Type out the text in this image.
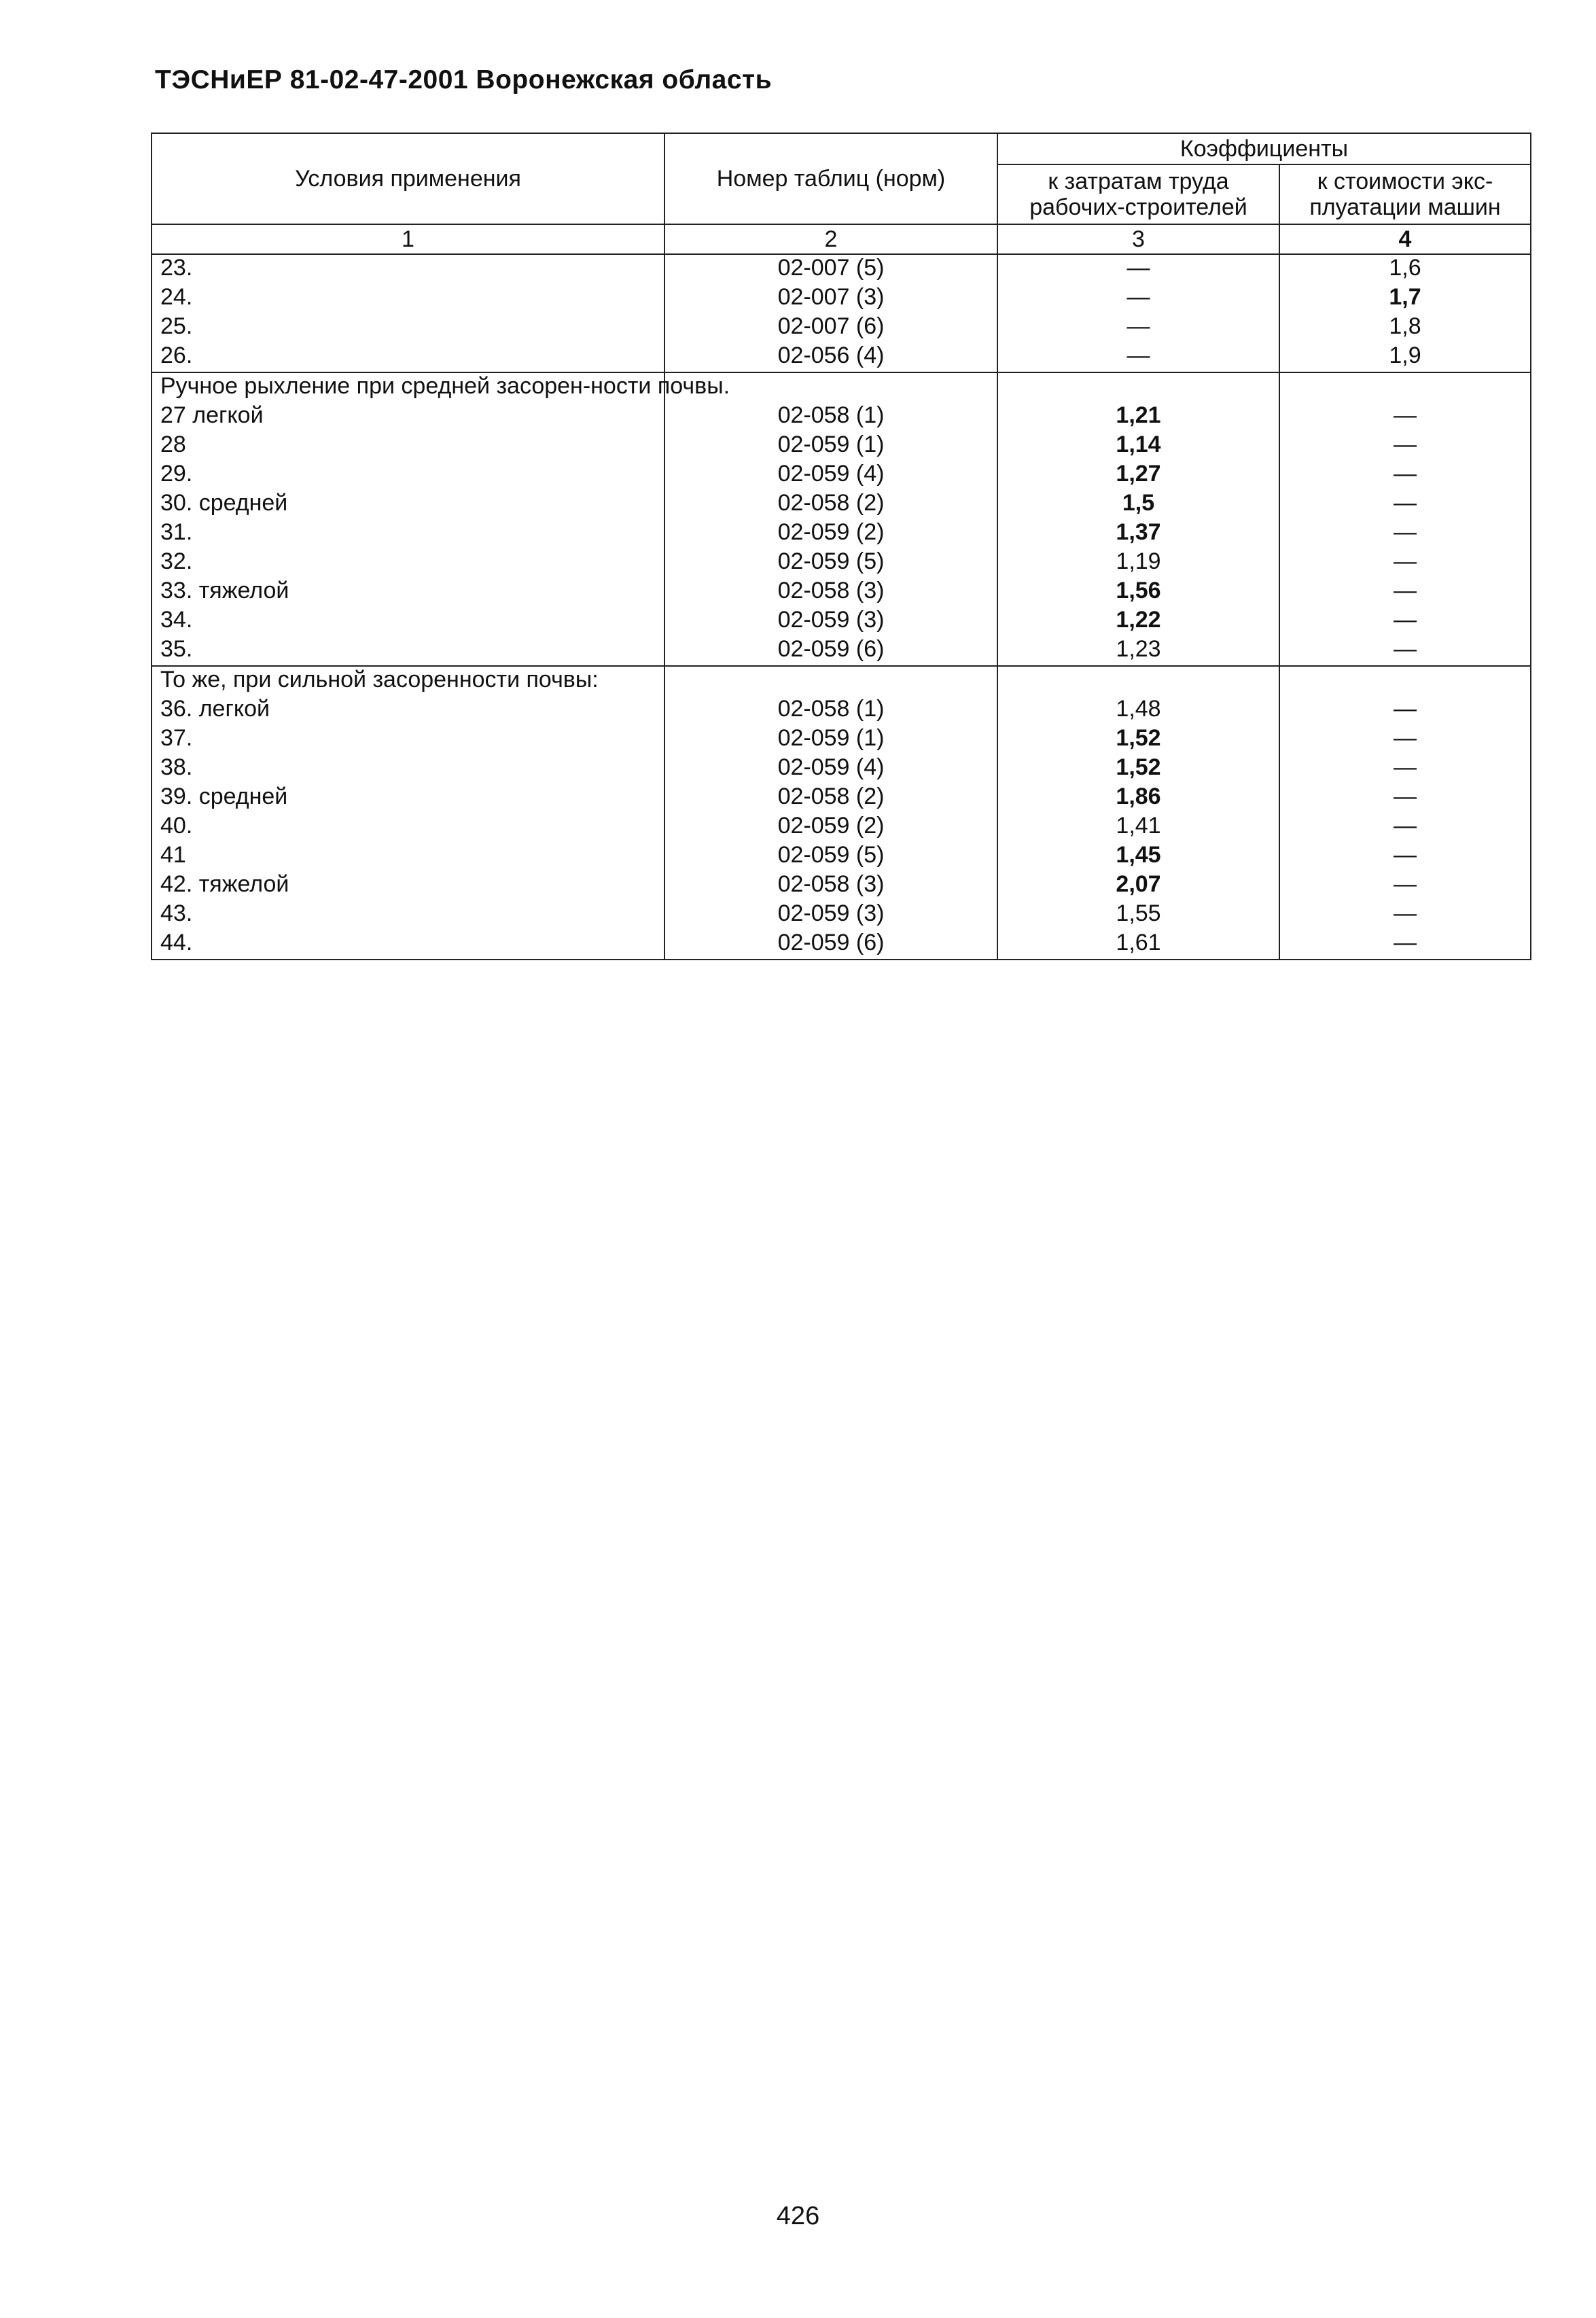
ТЭСНиЕР 81-02-47-2001 Воронежская область
Условия применения	Номер таблиц (норм)	Коэффициенты	
		к затратам труда рабочих-строителей	к стоимости экс-плуатации машин
1	2	3	4
23.	02-007 (5)	—	1,6
24.	02-007 (3)	—	1,7
25.	02-007 (6)	—	1,8
26.	02-056 (4)	—	1,9
Ручное рыхление при средней засорен-ности почвы.			
27 легкой	02-058 (1)	1,21	—
28	02-059 (1)	1,14	—
29.	02-059 (4)	1,27	—
30. средней	02-058 (2)	1,5	—
31.	02-059 (2)	1,37	—
32.	02-059 (5)	1,19	—
33. тяжелой	02-058 (3)	1,56	—
34.	02-059 (3)	1,22	—
35.	02-059 (6)	1,23	—
То же, при сильной засоренности почвы:			
36. легкой	02-058 (1)	1,48	—
37.	02-059 (1)	1,52	—
38.	02-059 (4)	1,52	—
39. средней	02-058 (2)	1,86	—
40.	02-059 (2)	1,41	—
41	02-059 (5)	1,45	—
42. тяжелой	02-058 (3)	2,07	—
43.	02-059 (3)	1,55	—
44.	02-059 (6)	1,61	—
426
